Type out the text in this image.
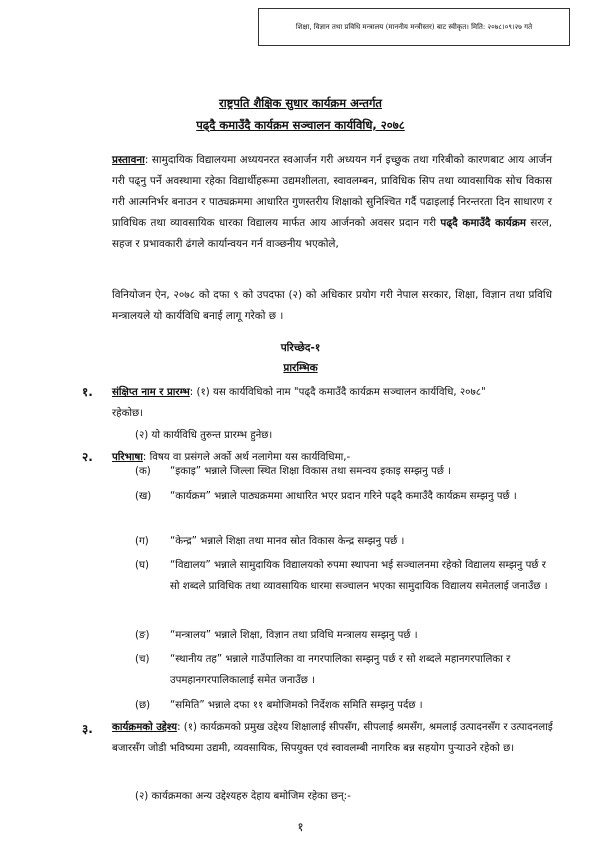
शिक्षा, विज्ञान तथा प्रविधि मन्त्रालय (माननीय मन्त्रीस्तर) बाट स्वीकृत। मिति: २०७८।०९।२७ गते
राष्ट्रपति शैक्षिक सुधार कार्यक्रम अन्तर्गत
पढ्दै कमाउँदै कार्यक्रम सञ्चालन कार्यविधि, २०७८
प्रस्तावना: सामुदायिक विद्यालयमा अध्ययनरत स्वआर्जन गरी अध्ययन गर्न इच्छुक तथा गरिबीको कारणबाट आय आर्जन गरी पढ्नु पर्ने अवस्थामा रहेका विद्यार्थीहरूमा उद्यमशीलता, स्वावलम्बन, प्राविधिक सिप तथा व्यावसायिक सोच विकास गरी आत्मनिर्भर बनाउन र पाठ्यक्रममा आधारित गुणस्तरीय शिक्षाको सुनिश्चित गर्दै पढाइलाई निरन्तरता दिन साधारण र प्राविधिक तथा व्यावसायिक धारका विद्यालय मार्फत आय आर्जनको अवसर प्रदान गरी पढ्दै कमाउँदै कार्यक्रम सरल, सहज र प्रभावकारी ढंगले कार्यान्वयन गर्न वाञ्छनीय भएकोले,
विनियोजन ऐन, २०७८ को दफा ९ को उपदफा (२) को अधिकार प्रयोग गरी नेपाल सरकार, शिक्षा, विज्ञान तथा प्रविधि मन्त्रालयले यो कार्यविधि बनाई लागू गरेको छ ।
परिच्छेद-१
प्रारम्भिक
१. संक्षिप्त नाम र प्रारम्भ: (१) यस कार्यविधिको नाम "पढ्दै कमाउँदै कार्यक्रम सञ्चालन कार्यविधि, २०७८"
रहेकोछ।
(२) यो कार्यविधि तुरुन्त प्रारम्भ हुनेछ।
२. परिभाषा: विषय वा प्रसंगले अर्को अर्थ नलागेमा यस कार्यविधिमा,-
(क)	“इकाइ” भन्नाले जिल्ला स्थित शिक्षा विकास तथा समन्वय इकाइ सम्झनु पर्छ ।
(ख)	“कार्यक्रम” भन्नाले पाठ्यक्रममा आधारित भएर प्रदान गरिने पढ्दै कमाउँदै कार्यक्रम सम्झनु पर्छ ।
(ग)	“केन्द्र” भन्नाले शिक्षा तथा मानव स्रोत विकास केन्द्र सम्झनु पर्छ ।
(घ)	“विद्यालय” भन्नाले सामुदायिक विद्यालयको रुपमा स्थापना भई सञ्चालनमा रहेको विद्यालय सम्झनु पर्छ र सो शब्दले प्राविधिक तथा व्यावसायिक धारमा सञ्चालन भएका सामुदायिक विद्यालय समेतलाई जनाउँछ ।
(ङ)	“मन्त्रालय” भन्नाले शिक्षा, विज्ञान तथा प्रविधि मन्त्रालय सम्झनु पर्छ ।
(च)	“स्थानीय तह” भन्नाले गाउँपालिका वा नगरपालिका सम्झनु पर्छ र सो शब्दले महानगरपालिका र उपमहानगरपालिकालाई समेत जनाउँछ ।
(छ)	“समिति” भन्नाले दफा ११ बमोजिमको निर्देशक समिति सम्झनु पर्दछ ।
३. कार्यक्रमको उद्देश्य: (१) कार्यक्रमको प्रमुख उद्देश्य शिक्षालाई सीपसँग, सीपलाई श्रमसँग, श्रमलाई उत्पादनसँग र उत्पादनलाई बजारसँग जोडी भविष्यमा उद्यमी, व्यवसायिक, सिपयुक्त एवं स्वावलम्बी नागरिक बन्न सहयोग पुऱ्याउने रहेको छ।
(२) कार्यक्रमका अन्य उद्देश्यहरु देहाय बमोजिम रहेका छन्:-
१
